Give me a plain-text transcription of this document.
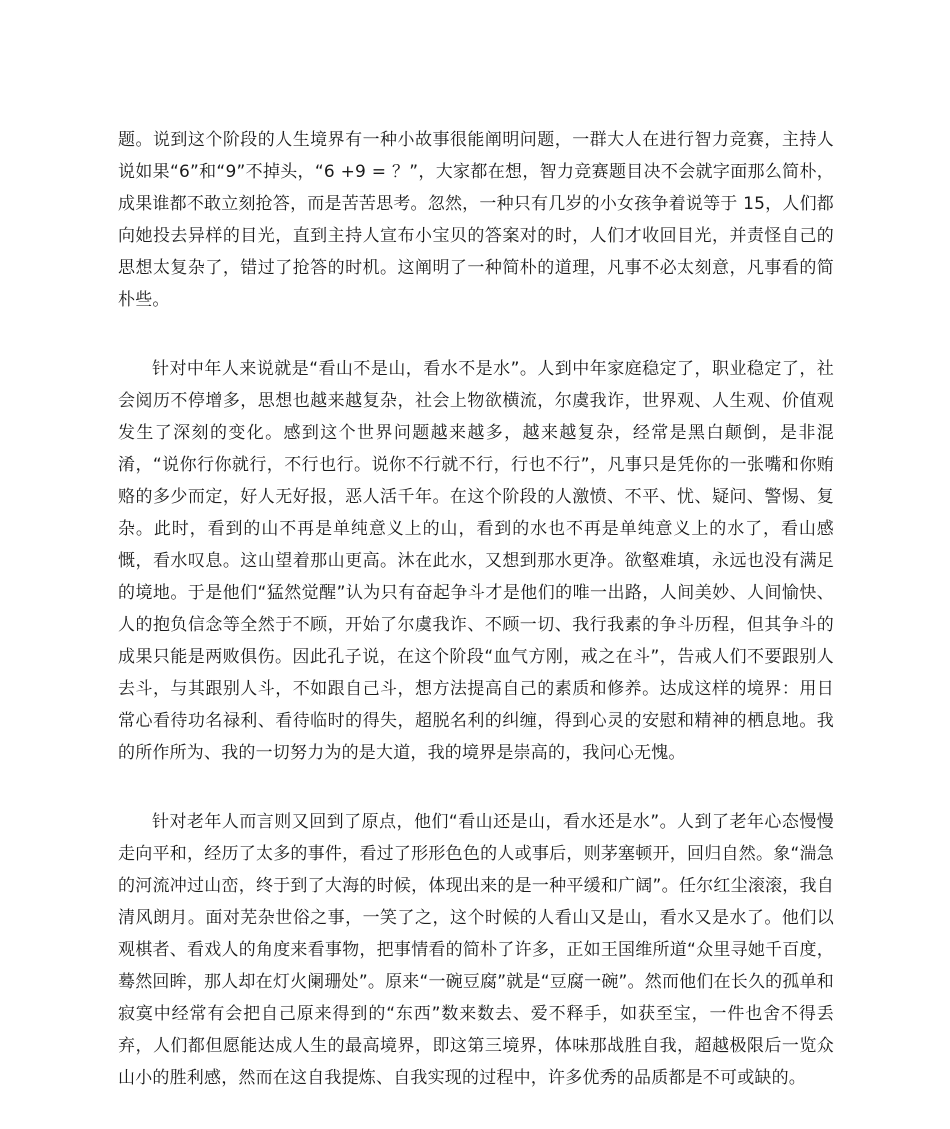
题。说到这个阶段的人生境界有一种小故事很能阐明问题，一群大人在进行智力竞赛，主持人说如果“6”和“9”不掉头，“6 +9 = ？”，大家都在想，智力竞赛题目决不会就字面那么简朴，成果谁都不敢立刻抢答，而是苦苦思考。忽然，一种只有几岁的小女孩争着说等于 15，人们都向她投去异样的目光，直到主持人宣布小宝贝的答案对的时，人们才收回目光，并责怪自己的思想太复杂了，错过了抢答的时机。这阐明了一种简朴的道理，凡事不必太刻意，凡事看的简朴些。

针对中年人来说就是“看山不是山，看水不是水”。人到中年家庭稳定了，职业稳定了，社会阅历不停增多，思想也越来越复杂，社会上物欲横流，尔虞我诈，世界观、人生观、价值观发生了深刻的变化。感到这个世界问题越来越多，越来越复杂，经常是黑白颠倒，是非混淆，“说你行你就行，不行也行。说你不行就不行，行也不行”，凡事只是凭你的一张嘴和你贿赂的多少而定，好人无好报，恶人活千年。在这个阶段的人激愤、不平、忧、疑问、警惕、复杂。此时，看到的山不再是单纯意义上的山，看到的水也不再是单纯意义上的水了，看山感慨，看水叹息。这山望着那山更高。沐在此水，又想到那水更净。欲壑难填，永远也没有满足的境地。于是他们“猛然觉醒”认为只有奋起争斗才是他们的唯一出路，人间美妙、人间愉快、人的抱负信念等全然于不顾，开始了尔虞我诈、不顾一切、我行我素的争斗历程，但其争斗的成果只能是两败俱伤。因此孔子说，在这个阶段“血气方刚，戒之在斗”，告戒人们不要跟别人去斗，与其跟别人斗，不如跟自己斗，想方法提高自己的素质和修养。达成这样的境界：用日常心看待功名禄利、看待临时的得失，超脱名利的纠缠，得到心灵的安慰和精神的栖息地。我的所作所为、我的一切努力为的是大道，我的境界是崇高的，我问心无愧。

针对老年人而言则又回到了原点，他们“看山还是山，看水还是水”。人到了老年心态慢慢走向平和，经历了太多的事件，看过了形形色色的人或事后，则茅塞顿开，回归自然。象“湍急的河流冲过山峦，终于到了大海的时候，体现出来的是一种平缓和广阔”。任尔红尘滚滚，我自清风朗月。面对芜杂世俗之事，一笑了之，这个时候的人看山又是山，看水又是水了。他们以观棋者、看戏人的角度来看事物，把事情看的简朴了许多，正如王国维所道“众里寻她千百度，蓦然回眸，那人却在灯火阑珊处”。原来“一碗豆腐”就是“豆腐一碗”。然而他们在长久的孤单和寂寞中经常有会把自己原来得到的“东西”数来数去、爱不释手，如获至宝，一件也舍不得丢弃，人们都但愿能达成人生的最高境界，即这第三境界，体味那战胜自我，超越极限后一览众山小的胜利感，然而在这自我提炼、自我实现的过程中，许多优秀的品质都是不可或缺的。
